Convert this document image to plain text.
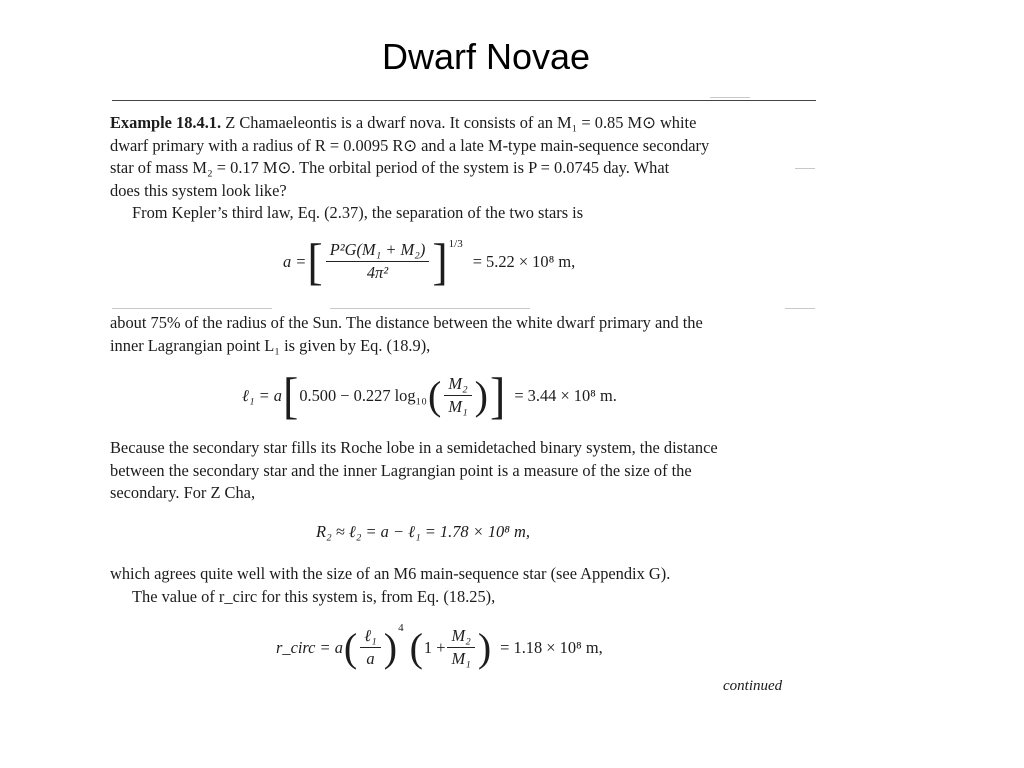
Dwarf Novae

Example 18.4.1. Z Chamaeleontis is a dwarf nova. It consists of an M₁ = 0.85 M⊙ white

dwarf primary with a radius of R = 0.0095 R⊙ and a late M-type main-sequence secondary

star of mass M₂ = 0.17 M⊙. The orbital period of the system is P = 0.0745 day. What

does this system look like?

From Kepler’s third law, Eq. (2.37), the separation of the two stars is

a = [ $\frac{\text{P²G(M₁ + M₂)}}{\text{4π²}} ]^{1/3}$
= 5.22 × 10⁸ m,

about 75% of the radius of the Sun. The distance between the white dwarf primary and the

inner Lagrangian point L₁ is given by Eq. (18.9),

ℓ₁ = a [ 0.500 − 0.227 log₁₀ ( $\frac{\text{M₂}}{\text{M₁}}$ ) ] = 3.44 × 10⁸ m.

Because the secondary star fills its Roche lobe in a semidetached binary system, the distance

between the secondary star and the inner Lagrangian point is a measure of the size of the

secondary. For Z Cha,

R₂ ≈ ℓ₂ = a − ℓ₁ = 1.78 × 10⁸ m,

which agrees quite well with the size of an M6 main-sequence star (see Appendix G).

The value of r_circ for this system is, from Eq. (18.25),

r_circ = a ( $\frac{\text{ℓ₁}}{a} )^4$ ( $1 + \frac{\text{M₂}}{\text{M₁}}$ ) = 1.18 × 10⁸ m,
continued
